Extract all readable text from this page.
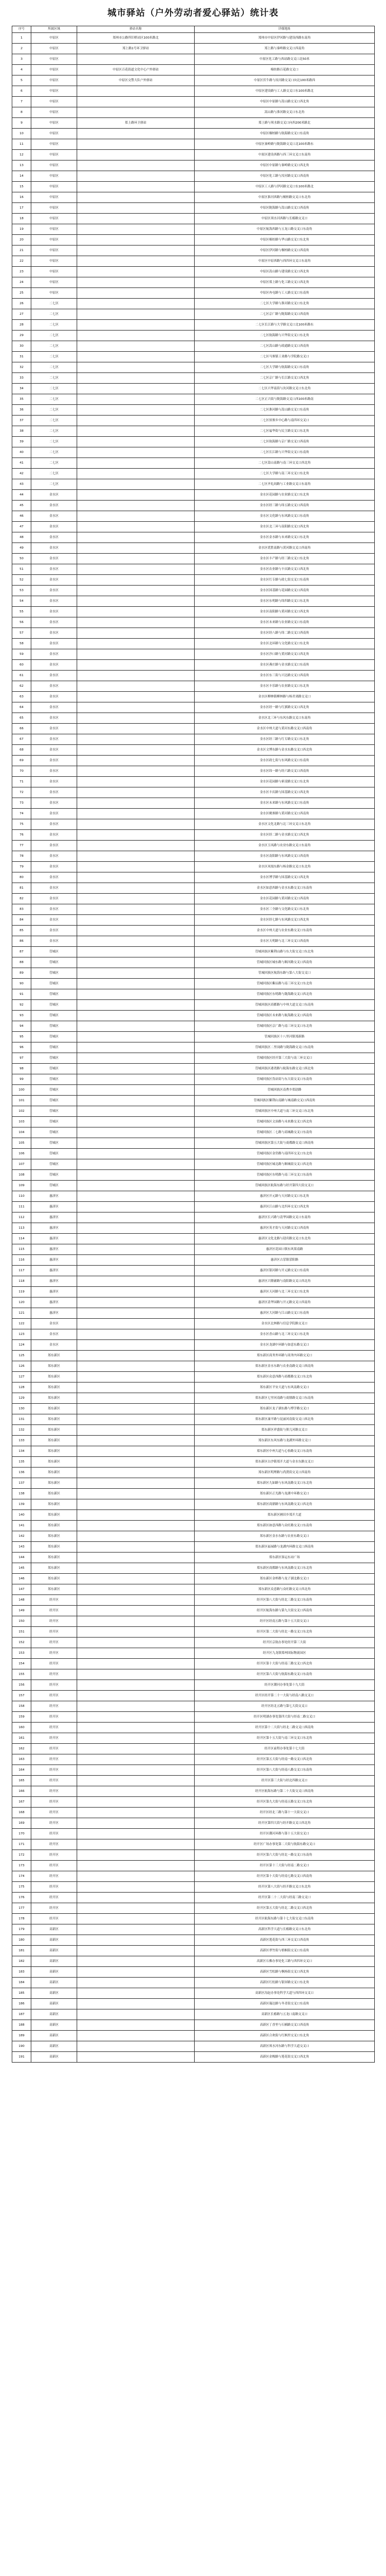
城市驿站（户外劳动者爱心驿站）统计表
序号	所属区域	驿站名称	详细地址
1	中原区	郑州市公路所旧桥站区100米路北	郑州市中原区伊河路与建设西路东南角
2	中原区	郑上路1号环卫驿站	郑上路与秦岭路交叉口西南角
3	中原区		中原区化工路与西站路交叉口北50米
4	中原区	中原区百花街道文化中心户外驿站	棉纺路百花路交叉口
5	中原区	中原区交警大队户外驿站	中原区伏牛路与汝河路交叉口向北100米路西
6	中原区		中原区建设路与工人路交叉口东100米路北
7	中原区		中原区中原路与嵩山路交叉口西北角
8	中原区		嵩山路与淮河路交叉口东北角
9	中原区	郑上路环卫驿站	郑上路与须水路交叉口向西200米路北
10	中原区		中原区桐柏路与航海路交叉口东南角
11	中原区		中原区秦岭路与陇海路交叉口北100米路东
12	中原区		中原区建设西路与西三环交叉口东南角
13	中原区		中原区中原路与秦岭路交叉口西北角
14	中原区		中原区化工路与汝河路交叉口西南角
15	中原区		中原区工人路与伊河路交叉口东100米路北
16	中原区		中原区淮河西路与桐柏路交叉口东北角
17	中原区		中原区陇海路与嵩山路交叉口西南角
18	中原区		中原区须水河西路与长椿路交叉口
19	中原区		中原区航海西路与五龙口路交叉口东南角
20	中原区		中原区棉纺路与华山路交叉口东北角
21	中原区		中原区伊河路与桐柏路交叉口西南角
22	中原区		中原区中原西路与西四环交叉口东南角
23	中原区		中原区嵩山路与建设路交叉口西北角
24	中原区		中原区郑上路与化工路交叉口西北角
25	中原区		中原区冉屯路与工人路交叉口东南角
26	二七区		二七区大学路与淮河路交叉口东北角
27	二七区		二七区京广路与陇海路交叉口西南角
28	二七区		二七区长江路与大学路交叉口北100米路东
29	二七区		二七区航海路与兴华街交叉口东北角
30	二七区		二七区嵩山路与政通路交叉口西南角
31	二七区		二七区马寨镇工业路与学院路交叉口
32	二七区		二七区大学路与航海路交叉口东南角
33	二七区		二七区京广路与长江路交叉口西北角
34	二七区		二七区兴华南街与汝河路交叉口东北角
35	二七区		二七区正兴街与陇海路交叉口西100米路南
36	二七区		二七区淮河路与嵩山路交叉口东南角
37	二七区		二七区侯寨乡中心路与南四环交叉口
38	二七区		二七区福华街与民主路交叉口东北角
39	二七区		二七区航海路与京广路交叉口西南角
40	二七区		二七区长江路与兴华街交叉口东南角
41	二七区		二七区嵩山南路与南三环交叉口西北角
42	二七区		二七区大学路与南三环交叉口东北角
43	二七区		二七区齐礼阎路与工业路交叉口东南角
44	金水区		金水区花园路与农业路交叉口东北角
45	金水区		金水区经三路与纬五路交叉口西南角
46	金水区		金水区文化路与东风路交叉口东南角
47	金水区		金水区北三环与南阳路交叉口西北角
48	金水区		金水区金水路与未来路交叉口东北角
49	金水区		金水区优胜南路与黄河路交叉口西南角
50	金水区		金水区丰产路与经三路交叉口东北角
51	金水区		金水区农业路与丰庆路交叉口西北角
52	金水区		金水区红专路与政七街交叉口东南角
53	金水区		金水区国基路与花园路交叉口西南角
54	金水区		金水区东明路与纬四路交叉口东北角
55	金水区		金水区南阳路与黄河路交叉口西北角
56	金水区		金水区未来路与农业路交叉口东南角
57	金水区		金水区经八路与纬二路交叉口西南角
58	金水区		金水区北环路与文化路交叉口东北角
59	金水区		金水区沙口路与黄河路交叉口西北角
60	金水区		金水区燕庄路与金水路交叉口东南角
61	金水区		金水区东三街与兴达路交叉口西南角
62	金水区		金水区丰乐路与农业路交叉口东北角
63	金水区		金水区柳林镇柳林路与杨君刘路交叉口
64	金水区		金水区经一路与红旗路交叉口西北角
65	金水区		金水区北三环与东风东路交叉口东南角
66	金水区		金水区中州大道与黄河东路交叉口西南角
67	金水区		金水区经三路与红专路交叉口东北角
68	金水区		金水区文博东路与金水东路交叉口西北角
69	金水区		金水区政七街与东风路交叉口东南角
70	金水区		金水区纬一路与经六路交叉口西南角
71	金水区		金水区花园路与索凌路交叉口东北角
72	金水区		金水区丰庆路与国基路交叉口西北角
73	金水区		金水区未来路与东风路交叉口东南角
74	金水区		金水区姚寨路与黄河路交叉口西南角
75	金水区		金水区文化北路与北三环交叉口东北角
76	金水区		金水区经二路与金水路交叉口西北角
77	金水区		金水区玉凤路与农业东路交叉口东南角
78	金水区		金水区南阳路与东风路交叉口西南角
79	金水区		金水区凤凰东路与杨金路交叉口东北角
80	金水区		金水区博学路与国基路交叉口西北角
81	金水区		金水区如意西路与金水东路交叉口东南角
82	金水区		金水区花园路与黄河路交叉口西南角
83	金水区		金水区三全路与文化路交叉口东北角
84	金水区		金水区经七路与东风路交叉口西北角
85	金水区		金水区中州大道与农业东路交叉口东南角
86	金水区		金水区天明路与北三环交叉口西南角
87	管城区		管城回族区紫荆山路与东大街交叉口东北角
88	管城区		管城回族区城东路与顺河路交叉口西南角
89	管城区		管城回族区航海东路与第八大街交叉口
90	管城区		管城回族区紫辰路与南三环交叉口东北角
91	管城区		管城回族区东明路与陇海路交叉口西北角
92	管城区		管城回族区商都路与中州大道交叉口东南角
93	管城区		管城回族区未来路与航海路交叉口西南角
94	管城区		管城回族区京广路与南三环交叉口东北角
95	管城区		管城回族区十八里河镇郑新路
96	管城区		管城回族区二里岗路与陇海路交叉口东南角
97	管城区		管城回族区经开第三大街与南三环交叉口
98	管城区		管城回族区港湾路与航海东路交叉口西北角
99	管城区		管城回族区货站街与东大街交叉口东南角
100	管城区		管城回族区南曹乡郑尉路
101	管城区		管城回族区紫荆山南路与城南路交叉口西南角
102	管城区		管城回族区中州大道与南三环交叉口东北角
103	管城区		管城回族区文治路与未来路交叉口西北角
104	管城区		管城回族区二七路与商城路交叉口东南角
105	管城区		管城回族区第五大街与商都路交叉口西南角
106	管城区		管城回族区金岱路与南四环交叉口东北角
107	管城区		管城回族区城北路与顺城街交叉口西北角
108	管城区		管城回族区东明路与南三环交叉口东南角
109	管城区		管城回族区航海东路与经开第四大街交叉口
110	惠济区		惠济区开元路与天河路交叉口东北角
111	惠济区		惠济区江山路与北四环交叉口西北角
112	惠济区		惠济区长兴路与清华园路交叉口东南角
113	惠济区		惠济区英才街与天河路交叉口西南角
114	惠济区		惠济区文化北路与迎宾路交叉口东北角
115	惠济区		惠济区花园口镇东风渠南路
116	惠济区		惠济区古荥镇荥阳路
117	惠济区		惠济区银河路与开元路交叉口东南角
118	惠济区		惠济区兴隆铺路与南阳路交叉口西北角
119	惠济区		惠济区天河路与北三环交叉口东北角
120	惠济区		惠济区清华园路与开元路交叉口西南角
121	惠济区		惠济区大河路与江山路交叉口东南角
122	金水区		金水区北林路与信息学院路交叉口
123	金水区		金水区香山路与北三环交叉口东北角
124	金水区		金水区龙湖中环路与如意东路交叉口
125	郑东新区		郑东新区商务外环路与商务内环路交叉口
126	郑东新区		郑东新区金水东路与农业南路交叉口西南角
127	郑东新区		郑东新区众意西路与商都路交叉口东北角
128	郑东新区		郑东新区平安大道与东风南路交叉口
129	郑东新区		郑东新区七里河南路与商鼎路交叉口东南角
130	郑东新区		郑东新区龙子湖东路与博学路交叉口
131	郑东新区		郑东新区康平路与昆丽河南街交叉口西北角
132	郑东新区		郑东新区祥盛街与熊儿河路交叉口
133	郑东新区		郑东新区东风东路与龙湖外环路交叉口
134	郑东新区		郑东新区中州大道与心怡路交叉口东南角
135	郑东新区		郑东新区白沙镇郑开大道与金水东路交叉口
136	郑东新区		郑东新区明理路与尚贤街交叉口西南角
137	郑东新区		郑东新区九如路与东风南路交叉口东北角
138	郑东新区		郑东新区正光路与龙湖中环路交叉口
139	郑东新区		郑东新区商鼎路与东风南路交叉口西北角
140	郑东新区		郑东新区圃田乡郑开大道
141	郑东新区		郑东新区如意西路与众旺路交叉口东南角
142	郑东新区		郑东新区金水东路与农业东路交叉口
143	郑东新区		郑东新区福禄路与龙湖内环路交叉口西南角
144	郑东新区		郑东新区客运东站广场
145	郑东新区		郑东新区商都路与东风南路交叉口东北角
146	郑东新区		郑东新区金杯路与龙子湖北路交叉口
147	郑东新区		郑东新区众意路与众旺路交叉口西北角
148	经开区		经开区第八大街与经北三路交叉口东南角
149	经开区		经开区航海东路与第九大街交叉口西南角
150	经开区		经开区经南五路与第十五大街交叉口
151	经开区		经开区第二大街与经北一路交叉口东北角
152	经开区		经开区京航办事处经开第三大街
153	经开区		经开区九龙镇郑州国际物流园区
154	经开区		经开区第十大街与经南三路交叉口西北角
155	经开区		经开区第六大街与航海东路交叉口东南角
156	经开区		经开区潮河办事处第十九大街
157	经开区		经开区经开第二十一大街与经南八路交叉口
158	经开区		经开区经北五路与第七大街交叉口
159	经开区		经开区明湖办事处第四大街与经南二路交叉口
160	经开区		经开区第十二大街与经北二路交叉口西南角
161	经开区		经开区第十五大街与南三环交叉口东北角
162	经开区		经开区前程办事处第十七大街
163	经开区		经开区第五大街与经南一路交叉口西北角
164	经开区		经开区第八大街与经南八路交叉口东南角
165	经开区		经开区第三大街与经北四路交叉口
166	经开区		经开区航海东路与第二十大街交叉口西南角
167	经开区		经开区第九大街与经南五路交叉口东北角
168	经开区		经开区经北三路与第十一大街交叉口
169	经开区		经开区第四大街与经开路交叉口西北角
170	经开区		经开区潮河环路与第十五大街交叉口
171	经开区		经开区广场办事处第二大街与航海东路交叉口
172	经开区		经开区第六大街与经北一路交叉口东南角
173	经开区		经开区第十三大街与经南二路交叉口
174	经开区		经开区第十大街与经南七路交叉口西南角
175	经开区		经开区第八大街与经开路交叉口东北角
176	经开区		经开区第二十二大街与经南三路交叉口
177	经开区		经开区第五大街与经北二路交叉口西北角
178	经开区		经开区航海东路与第十七大街交叉口东南角
179	高新区		高新区科学大道与长椿路交叉口东北角
180	高新区		高新区莲花街与西三环交叉口西南角
181	高新区		高新区翠竹街与梧桐街交叉口东南角
182	高新区		高新区石佛办事处化工路与西四环交叉口
183	高新区		高新区雪松路与枫杨街交叉口西北角
184	高新区		高新区红松路与银屏路交叉口东北角
185	高新区		高新区沟赵办事处科学大道与西四环交叉口
186	高新区		高新区瑞达路与冬青街交叉口东南角
187	高新区		高新区长椿路与五龙口南路交叉口
188	高新区		高新区丁香里与石楠路交叉口西南角
189	高新区		高新区合欢街与红枫里交叉口东北角
190	高新区		高新区须水河东路与科学大道交叉口
191	高新区		高新区金梭路与莲花街交叉口西北角
